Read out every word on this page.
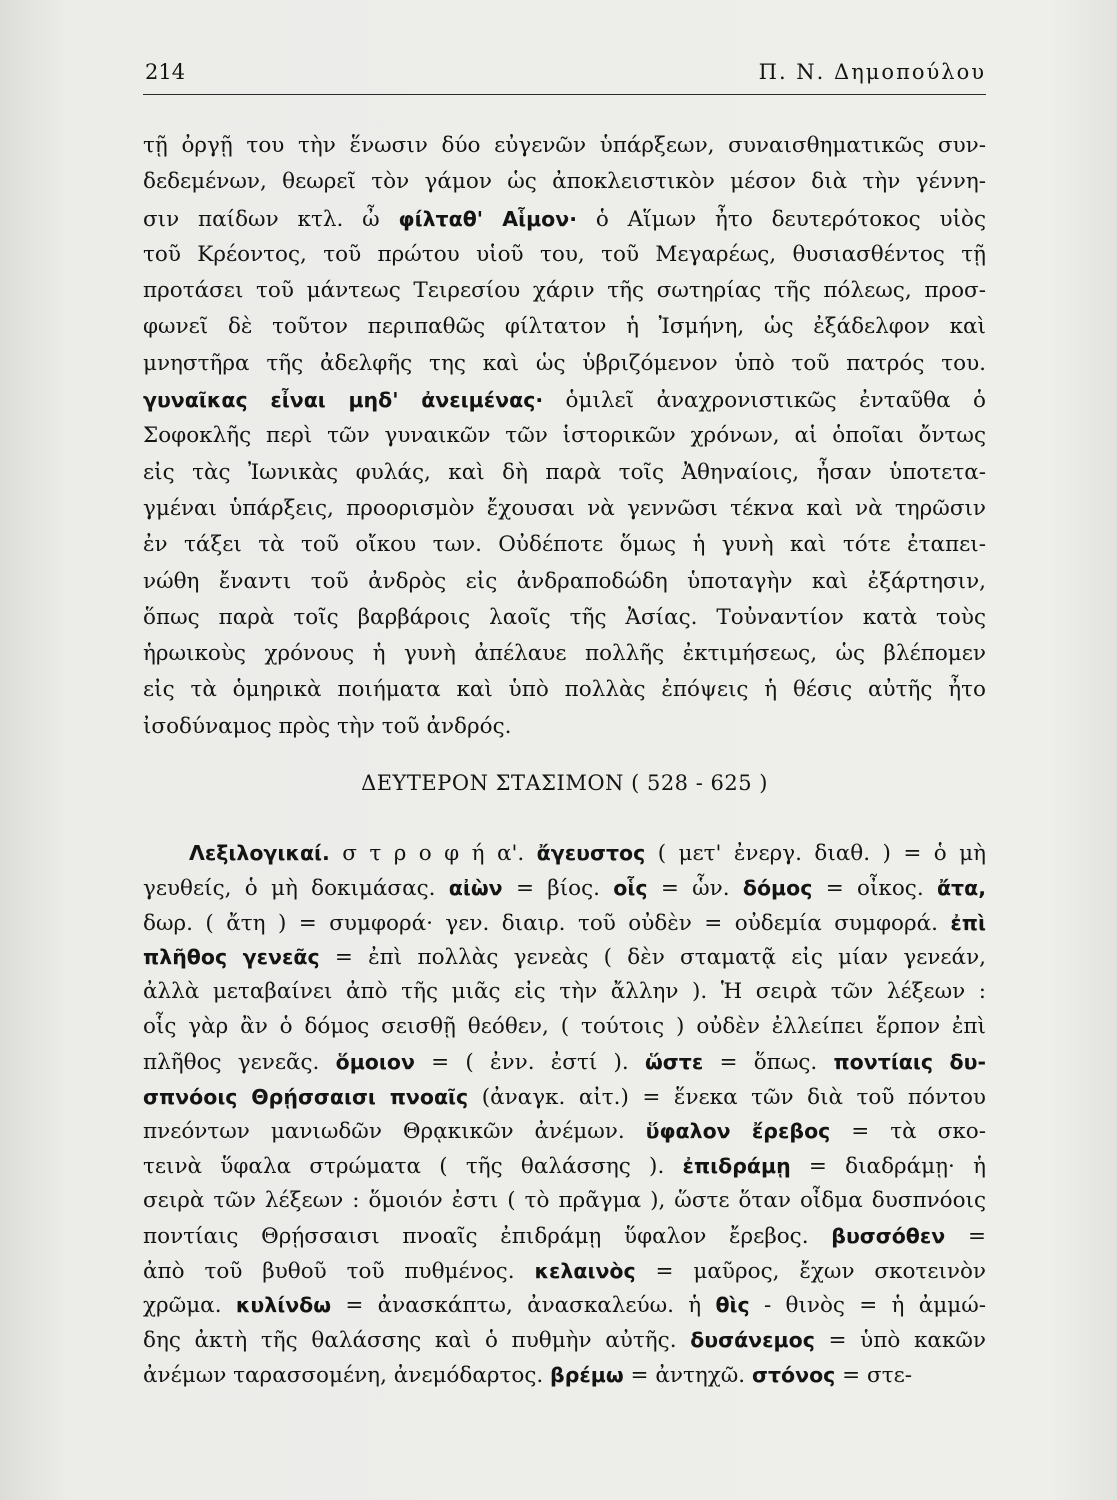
214	Π. Ν. Δημοπούλου
τῇ ὀργῇ του τὴν ἕνωσιν δύο εὐγενῶν ὑπάρξεων, συναισθηματικῶς συν-
δεδεμένων, θεωρεῖ τὸν γάμον ὡς ἀποκλειστικὸν μέσον διὰ τὴν γέννη-
σιν παίδων κτλ. ὦ φίλταθ' Αἷμον· ὁ Αἵμων ἦτο δευτερότοκος υἱὸς
τοῦ Κρέοντος, τοῦ πρώτου υἱοῦ του, τοῦ Μεγαρέως, θυσιασθέντος τῇ
προτάσει τοῦ μάντεως Τειρεσίου χάριν τῆς σωτηρίας τῆς πόλεως, προσ-
φωνεῖ δὲ τοῦτον περιπαθῶς φίλτατον ἡ Ἰσμήνη, ὡς ἐξάδελφον καὶ
μνηστῆρα τῆς ἀδελφῆς της καὶ ὡς ὑβριζόμενον ὑπὸ τοῦ πατρός του.
γυναῖκας εἶναι μηδ' ἀνειμένας· ὁμιλεῖ ἀναχρονιστικῶς ἐνταῦθα ὁ
Σοφοκλῆς περὶ τῶν γυναικῶν τῶν ἱστορικῶν χρόνων, αἱ ὁποῖαι ὄντως
εἰς τὰς Ἰωνικὰς φυλάς, καὶ δὴ παρὰ τοῖς Ἀθηναίοις, ἦσαν ὑποτετα-
γμέναι ὑπάρξεις, προορισμὸν ἔχουσαι νὰ γεννῶσι τέκνα καὶ νὰ τηρῶσιν
ἐν τάξει τὰ τοῦ οἴκου των. Οὐδέποτε ὅμως ἡ γυνὴ καὶ τότε ἐταπει-
νώθη ἔναντι τοῦ ἀνδρὸς εἰς ἀνδραποδώδη ὑποταγὴν καὶ ἐξάρτησιν,
ὅπως παρὰ τοῖς βαρβάροις λαοῖς τῆς Ἀσίας. Τοὐναντίον κατὰ τοὺς
ἡρωικοὺς χρόνους ἡ γυνὴ ἀπέλαυε πολλῆς ἐκτιμήσεως, ὡς βλέπομεν
εἰς τὰ ὁμηρικὰ ποιήματα καὶ ὑπὸ πολλὰς ἐπόψεις ἡ θέσις αὐτῆς ἦτο
ἰσοδύναμος πρὸς τὴν τοῦ ἀνδρός.
ΔΕΥΤΕΡΟΝ ΣΤΑΣΙΜΟΝ ( 528 - 625 )
Λεξιλογικαί. σ τ ρ ο φ ή α'. ἄγευστος ( μετ' ἐνεργ. διαθ. ) = ὁ μὴ
γευθείς, ὁ μὴ δοκιμάσας. αἰὼν = βίος. οἷς = ὧν. δόμος = οἶκος. ἄτα,
δωρ. ( ἄτη ) = συμφορά· γεν. διαιρ. τοῦ οὐδὲν = οὐδεμία συμφορά. ἐπὶ
πλῆθος γενεᾶς = ἐπὶ πολλὰς γενεὰς ( δὲν σταματᾷ εἰς μίαν γενεάν,
ἀλλὰ μεταβαίνει ἀπὸ τῆς μιᾶς εἰς τὴν ἄλλην ). Ἡ σειρὰ τῶν λέξεων :
οἷς γὰρ ἂν ὁ δόμος σεισθῇ θεόθεν, ( τούτοις ) οὐδὲν ἐλλείπει ἕρπον ἐπὶ
πλῆθος γενεᾶς. ὅμοιον = ( ἐνν. ἐστί ). ὥστε = ὅπως. ποντίαις δυ-
σπνόοις Θρῄσσαισι πνοαῖς (ἀναγκ. αἰτ.) = ἕνεκα τῶν διὰ τοῦ πόντου
πνεόντων μανιωδῶν Θρᾳκικῶν ἀνέμων. ὕφαλον ἔρεβος = τὰ σκο-
τεινὰ ὕφαλα στρώματα ( τῆς θαλάσσης ). ἐπιδράμῃ = διαδράμῃ· ἡ
σειρὰ τῶν λέξεων : ὅμοιόν ἐστι ( τὸ πρᾶγμα ), ὥστε ὅταν οἶδμα δυσπνόοις
ποντίαις Θρῄσσαισι πνοαῖς ἐπιδράμῃ ὕφαλον ἔρεβος. βυσσόθεν =
ἀπὸ τοῦ βυθοῦ τοῦ πυθμένος. κελαινὸς = μαῦρος, ἔχων σκοτεινὸν
χρῶμα. κυλίνδω = ἀνασκάπτω, ἀνασκαλεύω. ἡ θὶς - θινὸς = ἡ ἀμμώ-
δης ἀκτὴ τῆς θαλάσσης καὶ ὁ πυθμὴν αὐτῆς. δυσάνεμος = ὑπὸ κακῶν
ἀνέμων ταρασσομένη, ἀνεμόδαρτος. βρέμω = ἀντηχῶ. στόνος = στε-
